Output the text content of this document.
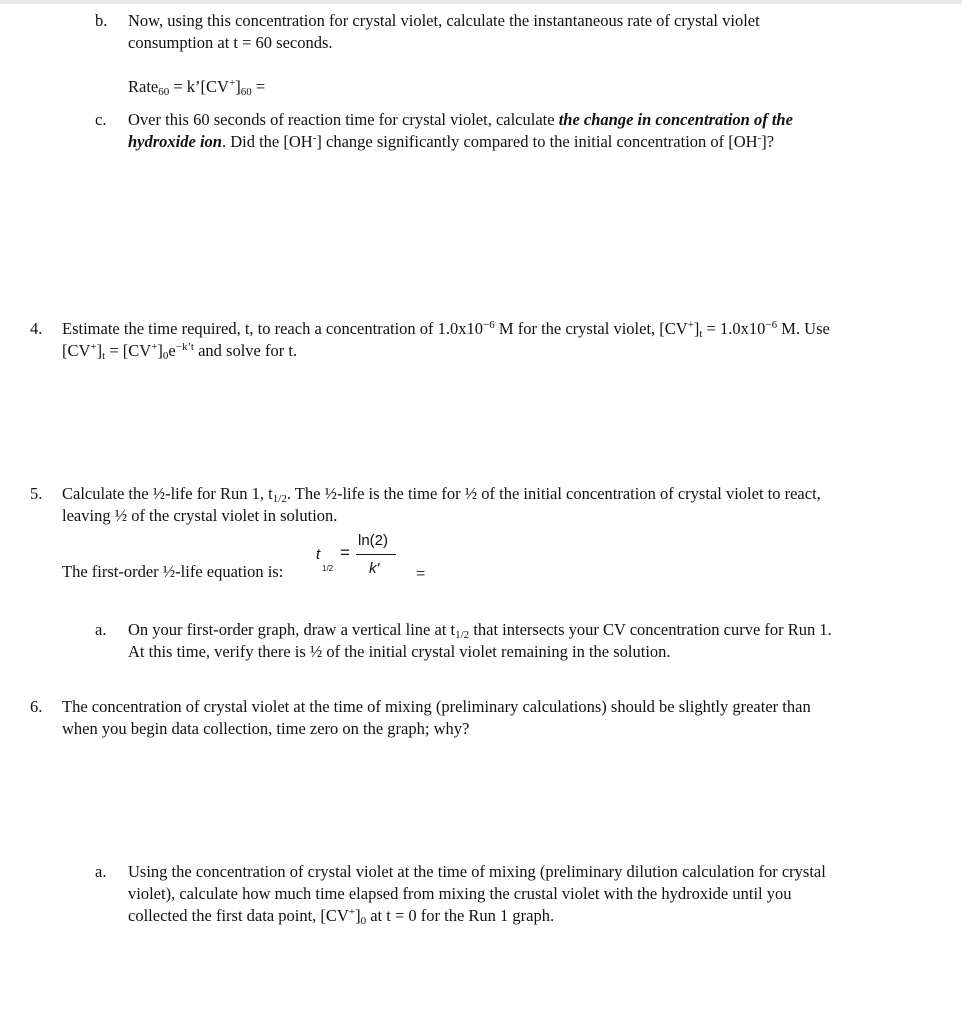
b. Now, using this concentration for crystal violet, calculate the instantaneous rate of crystal violet
consumption at t = 60 seconds.
Rate$_{60}$ = $k’[CV^+]_{60}$ =
c. Over this 60 seconds of reaction time for crystal violet, calculate the change in concentration of the
hydroxide ion. Did the [OH-] change significantly compared to the initial concentration of [OH-]?
4. Estimate the time required, t, to reach a concentration of $1.0x10^{-6}$ M for the crystal violet, $[CV^+]_t = 1.0x10^{-6}$ M. Use
$[CV^+]_t = [CV^+]_0e^{-k’t}$ and solve for t.
5. Calculate the ½-life for Run 1, $t_{1/2}$. The ½-life is the time for ½ of the initial concentration of crystal violet to react,
leaving ½ of the crystal violet in solution.
The first-order ½-life equation is:
t
1/2
=
ln(2)
k' =
a. On your first-order graph, draw a vertical line at $t_{1/2}$ that intersects your CV concentration curve for Run 1.
At this time, verify there is ½ of the initial crystal violet remaining in the solution.
6. The concentration of crystal violet at the time of mixing (preliminary calculations) should be slightly greater than
when you begin data collection, time zero on the graph; why?
a. Using the concentration of crystal violet at the time of mixing (preliminary dilution calculation for crystal
violet), calculate how much time elapsed from mixing the crustal violet with the hydroxide until you
collected the first data point, $[CV^+]_0$ at t = 0 for the Run 1 graph.
